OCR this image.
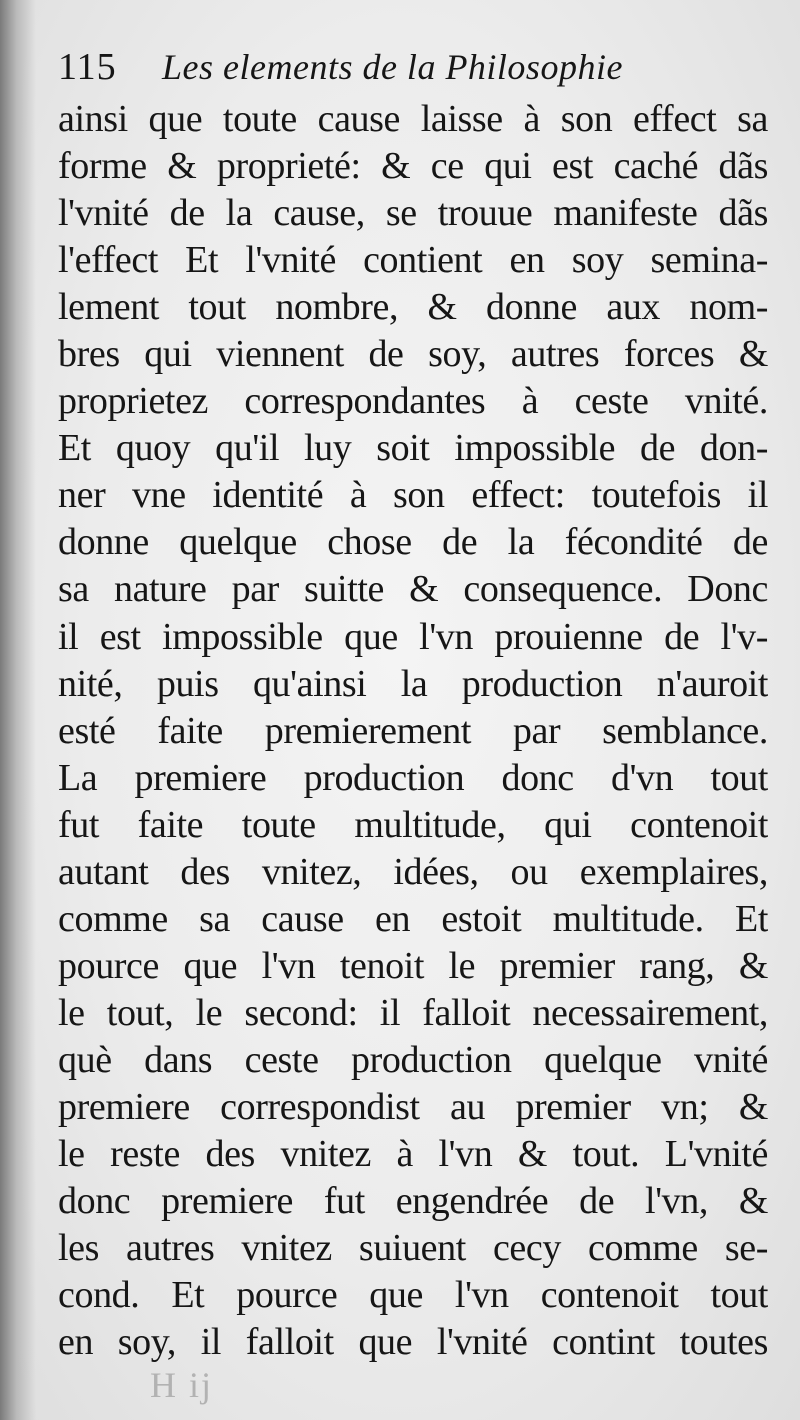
115 Les elements de la Philosophie
ainsi que toute cause laisse à son effect sa
forme & proprieté: & ce qui est caché dãs
l'vnité de la cause, se trouue manifeste dãs
l'effect Et l'vnité contient en soy semina-
lement tout nombre, & donne aux nom-
bres qui viennent de soy, autres forces &
proprietez correspondantes à ceste vnité.
Et quoy qu'il luy soit impossible de don-
ner vne identité à son effect: toutefois il
donne quelque chose de la fécondité de
sa nature par suitte & consequence. Donc
il est impossible que l'vn prouienne de l'v-
nité, puis qu'ainsi la production n'auroit
esté faite premierement par semblance.
La premiere production donc d'vn tout
fut faite toute multitude, qui contenoit
autant des vnitez, idées, ou exemplaires,
comme sa cause en estoit multitude. Et
pource que l'vn tenoit le premier rang, &
le tout, le second: il falloit necessairement,
què dans ceste production quelque vnité
premiere correspondist au premier vn; &
le reste des vnitez à l'vn & tout. L'vnité
donc premiere fut engendrée de l'vn, &
les autres vnitez suiuent cecy comme se-
cond. Et pource que l'vn contenoit tout
en soy, il falloit que l'vnité contint toutes
H ij
